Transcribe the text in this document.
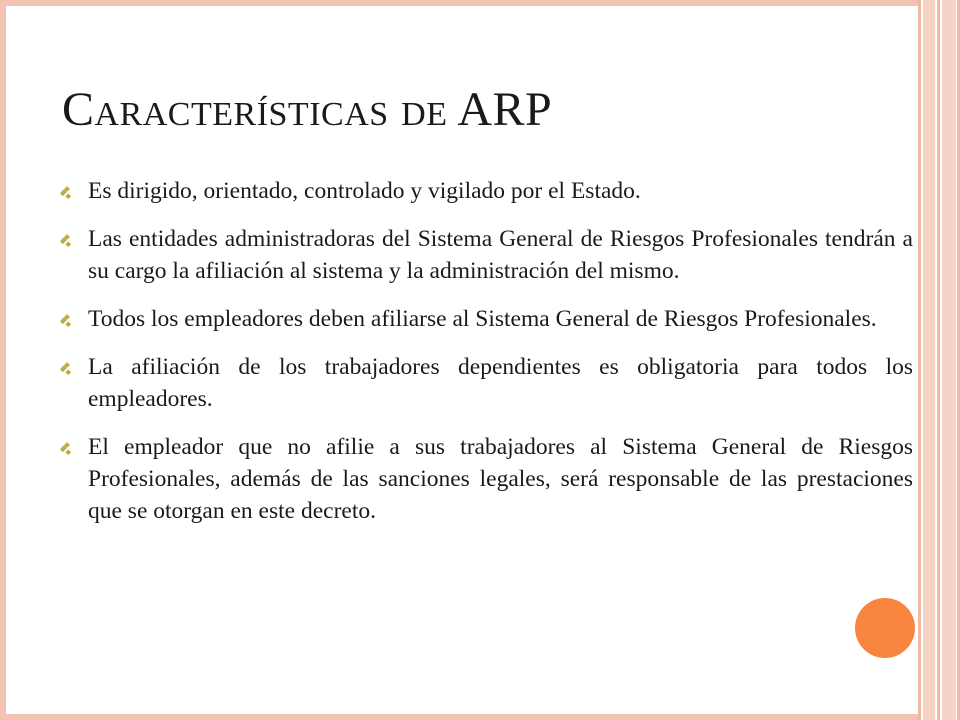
Características de ARP

Es dirigido, orientado, controlado y vigilado por el Estado.

Las entidades administradoras del Sistema General de Riesgos Profesionales tendrán a su cargo la afiliación al sistema y la administración del mismo.

Todos los empleadores deben afiliarse al Sistema General de Riesgos Profesionales.

La afiliación de los trabajadores dependientes es obligatoria para todos los empleadores.

El empleador que no afilie a sus trabajadores al Sistema General de Riesgos Profesionales, además de las sanciones legales, será responsable de las prestaciones que se otorgan en este decreto.
